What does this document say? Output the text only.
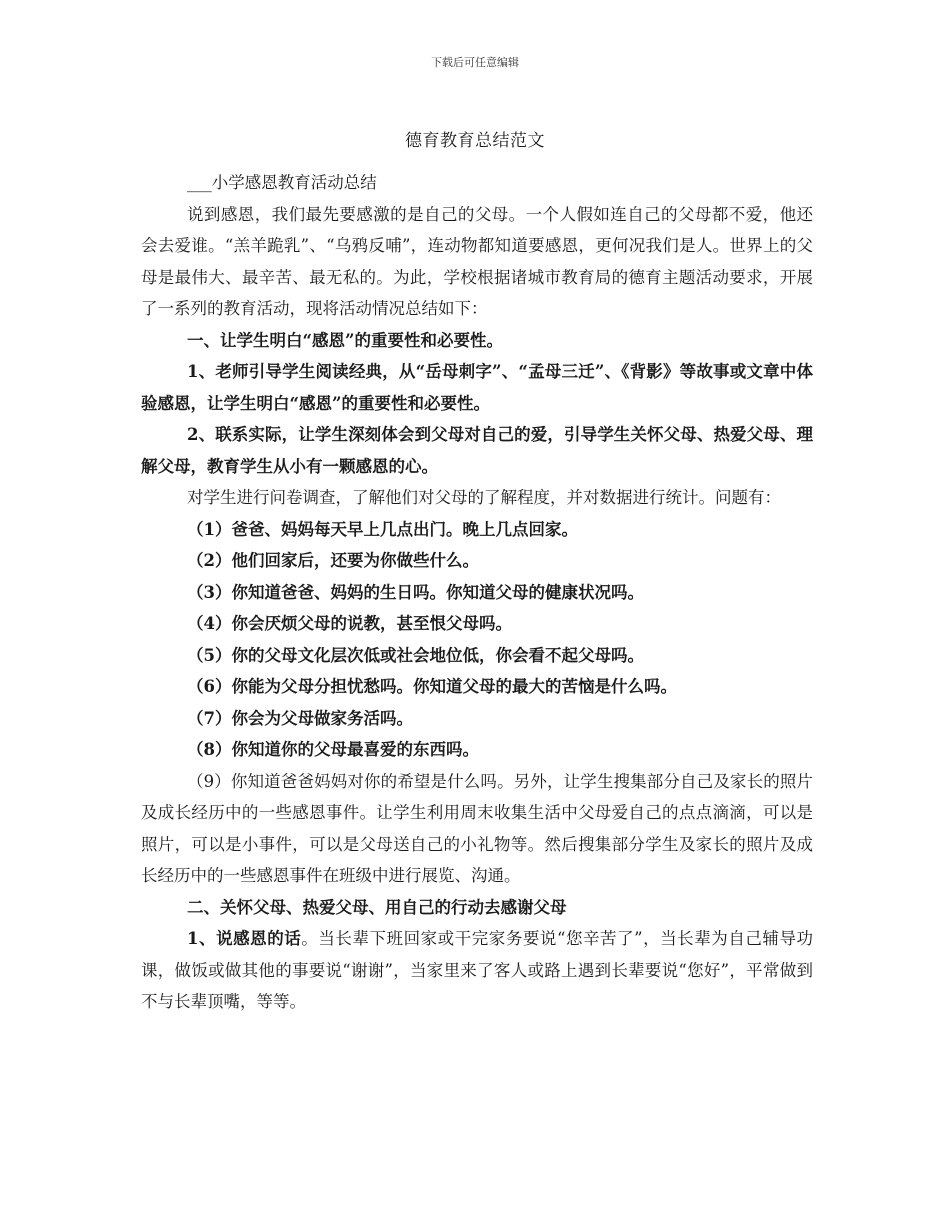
下载后可任意编辑
德育教育总结范文

___小学感恩教育活动总结

说到感恩，我们最先要感激的是自己的父母。一个人假如连自己的父母都不爱，他还会去爱谁。“羔羊跪乳”、“乌鸦反哺”，连动物都知道要感恩，更何况我们是人。世界上的父母是最伟大、最辛苦、最无私的。为此，学校根据诸城市教育局的德育主题活动要求，开展了一系列的教育活动，现将活动情况总结如下：

一、让学生明白“感恩”的重要性和必要性。

1、老师引导学生阅读经典，从“岳母刺字”、“孟母三迁”、《背影》等故事或文章中体验感恩，让学生明白“感恩”的重要性和必要性。

2、联系实际，让学生深刻体会到父母对自己的爱，引导学生关怀父母、热爱父母、理解父母，教育学生从小有一颗感恩的心。

对学生进行问卷调查，了解他们对父母的了解程度，并对数据进行统计。问题有：

（1）爸爸、妈妈每天早上几点出门。晚上几点回家。

（2）他们回家后，还要为你做些什么。

（3）你知道爸爸、妈妈的生日吗。你知道父母的健康状况吗。

（4）你会厌烦父母的说教，甚至恨父母吗。

（5）你的父母文化层次低或社会地位低，你会看不起父母吗。

（6）你能为父母分担忧愁吗。你知道父母的最大的苦恼是什么吗。

（7）你会为父母做家务活吗。

（8）你知道你的父母最喜爱的东西吗。

（9）你知道爸爸妈妈对你的希望是什么吗。另外，让学生搜集部分自己及家长的照片及成长经历中的一些感恩事件。让学生利用周末收集生活中父母爱自己的点点滴滴，可以是照片，可以是小事件，可以是父母送自己的小礼物等。然后搜集部分学生及家长的照片及成长经历中的一些感恩事件在班级中进行展览、沟通。

二、关怀父母、热爱父母、用自己的行动去感谢父母

1、说感恩的话。当长辈下班回家或干完家务要说“您辛苦了”，当长辈为自己辅导功课，做饭或做其他的事要说“谢谢”，当家里来了客人或路上遇到长辈要说“您好”，平常做到不与长辈顶嘴，等等。
